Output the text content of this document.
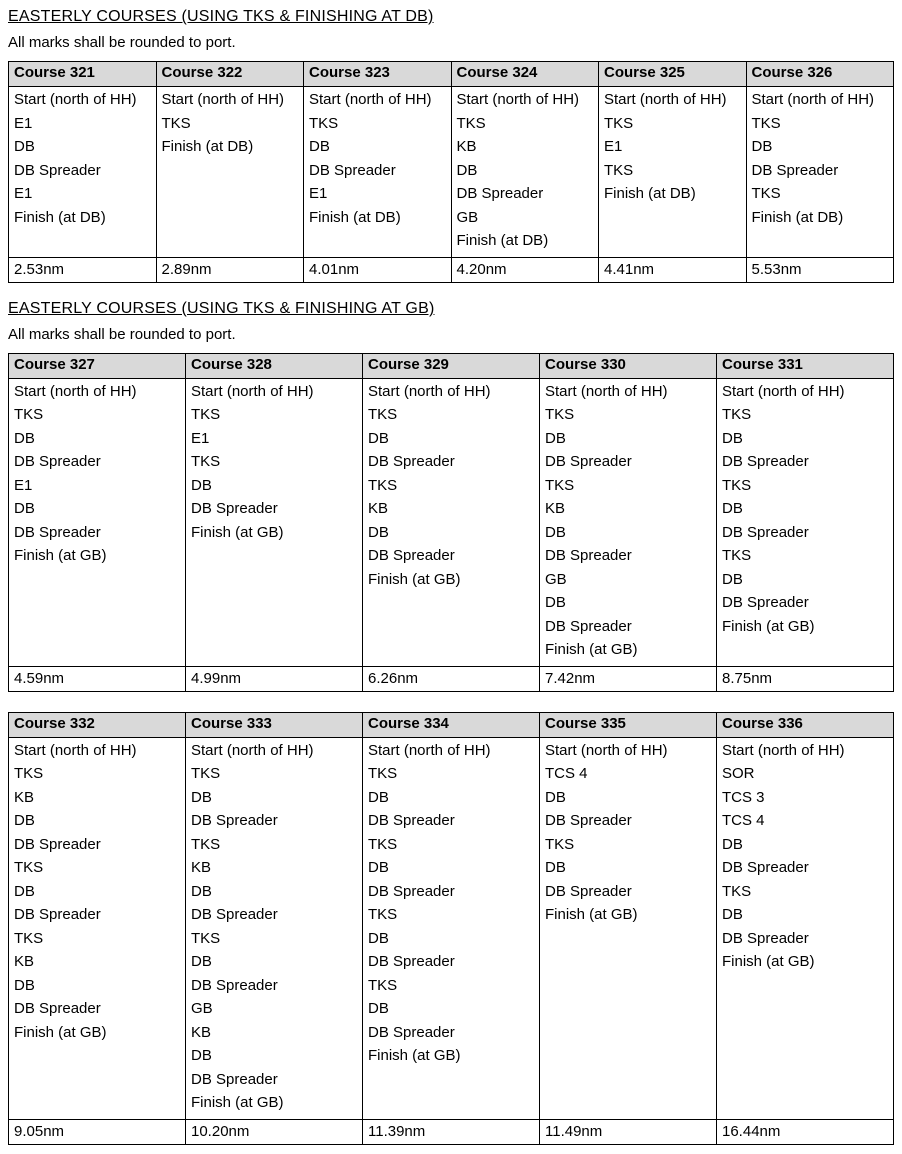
EASTERLY COURSES (USING TKS & FINISHING AT DB)

All marks shall be rounded to port.

Course 321	Course 322	Course 323	Course 324	Course 325	Course 326

Start (north of HH)
E1
DB
DB Spreader
E1
Finish (at DB)

Start (north of HH)
TKS
Finish (at DB)

Start (north of HH)
TKS
DB
DB Spreader
E1
Finish (at DB)

Start (north of HH)
TKS
KB
DB
DB Spreader
GB
Finish (at DB)

Start (north of HH)
TKS
E1
TKS
Finish (at DB)

Start (north of HH)
TKS
DB
DB Spreader
TKS
Finish (at DB)

2.53nm	2.89nm	4.01nm	4.20nm	4.41nm	5.53nm
EASTERLY COURSES (USING TKS & FINISHING AT GB)

All marks shall be rounded to port.

Course 327	Course 328	Course 329	Course 330	Course 331

Start (north of HH)
TKS
DB
DB Spreader
E1
DB
DB Spreader
Finish (at GB)

Start (north of HH)
TKS
E1
TKS
DB
DB Spreader
Finish (at GB)

Start (north of HH)
TKS
DB
DB Spreader
TKS
KB
DB
DB Spreader
Finish (at GB)

Start (north of HH)
TKS
DB
DB Spreader
TKS
KB
DB
DB Spreader
GB
DB
DB Spreader
Finish (at GB)

Start (north of HH)
TKS
DB
DB Spreader
TKS
DB
DB Spreader
TKS
DB
DB Spreader
Finish (at GB)

4.59nm	4.99nm	6.26nm	7.42nm	8.75nm
Course 332	Course 333	Course 334	Course 335	Course 336

Start (north of HH)
TKS
KB
DB
DB Spreader
TKS
DB
DB Spreader
TKS
KB
DB
DB Spreader
Finish (at GB)

Start (north of HH)
TKS
DB
DB Spreader
TKS
KB
DB
DB Spreader
TKS
DB
DB Spreader
GB
KB
DB
DB Spreader
Finish (at GB)

Start (north of HH)
TKS
DB
DB Spreader
TKS
DB
DB Spreader
TKS
DB
DB Spreader
TKS
DB
DB Spreader
Finish (at GB)

Start (north of HH)
TCS 4
DB
DB Spreader
TKS
DB
DB Spreader
Finish (at GB)

Start (north of HH)
SOR
TCS 3
TCS 4
DB
DB Spreader
TKS
DB
DB Spreader
Finish (at GB)

9.05nm	10.20nm	11.39nm	11.49nm	16.44nm
